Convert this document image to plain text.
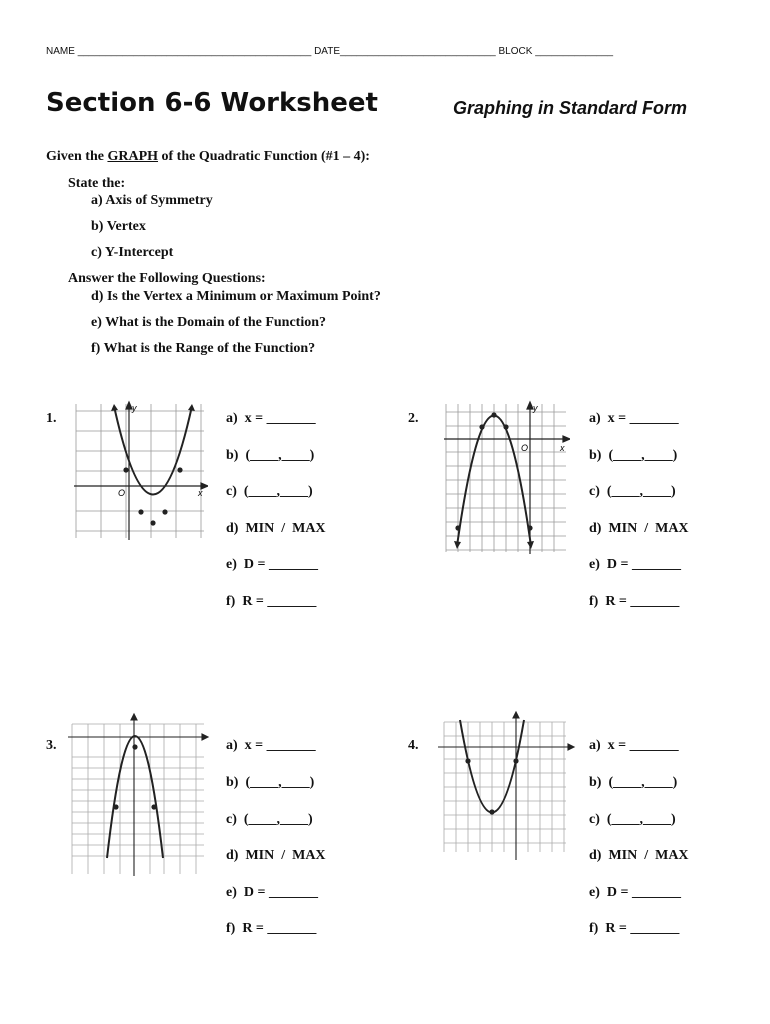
NAME
__________________________________________
DATE ____________________________
BLOCK
______________
Section 6-6 Worksheet	Graphing in Standard Form
Given the GRAPH of the Quadratic Function (#1 – 4):
State the:
a) Axis of Symmetry
b) Vertex
c) Y-Intercept
Answer the Following Questions:
d) Is the Vertex a Minimum or Maximum Point?
e) What is the Domain of the Function?
f) What is the Range of the Function?
1.	2.
3.	4.
a)  x = _______
b)  (____,____)
c)  (____,____)
d)  MIN  /  MAX
e)  D = _______
f)  R = _______
a)  x = _______
b)  (____,____)
c)  (____,____)
d)  MIN  /  MAX
e)  D = _______
f)  R = _______
a)  x = _______
b)  (____,____)
c)  (____,____)
d)  MIN  /  MAX
e)  D = _______
f)  R = _______
a)  x = _______
b)  (____,____)
c)  (____,____)
d)  MIN  /  MAX
e)  D = _______
f)  R = _______
y
x
O
y
x
O
